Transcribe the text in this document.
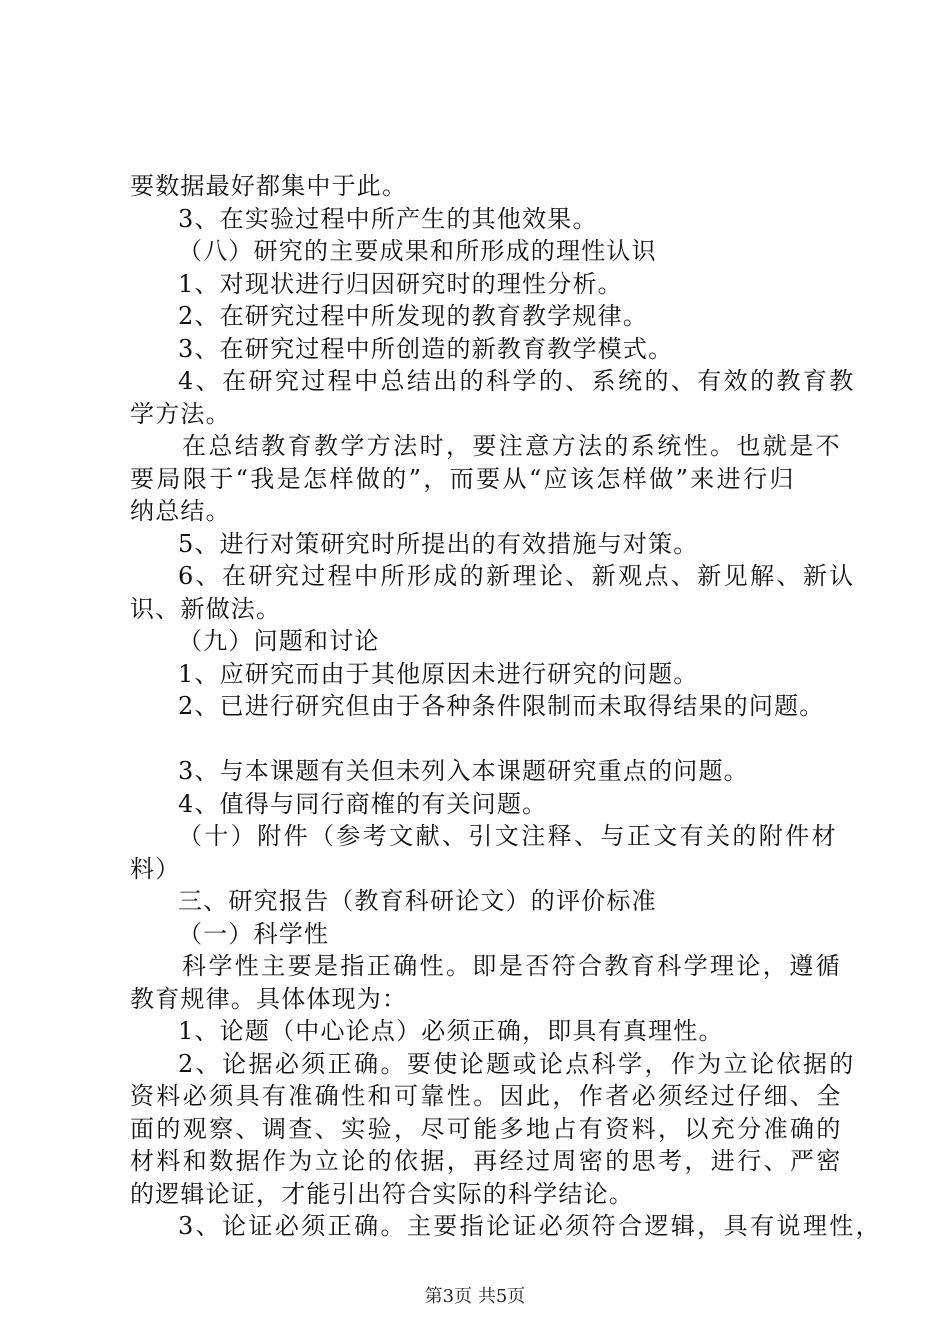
要数据最好都集中于此。
3、在实验过程中所产生的其他效果。
（八）研究的主要成果和所形成的理性认识
1、对现状进行归因研究时的理性分析。
2、在研究过程中所发现的教育教学规律。
3、在研究过程中所创造的新教育教学模式。
4、在研究过程中总结出的科学的、系统的、有效的教育教
学方法。
在总结教育教学方法时，要注意方法的系统性。也就是不
要局限于“我是怎样做的”，而要从“应该怎样做”来进行归
纳总结。
5、进行对策研究时所提出的有效措施与对策。
6、在研究过程中所形成的新理论、新观点、新见解、新认
识、新做法。
（九）问题和讨论
1、应研究而由于其他原因未进行研究的问题。
2、已进行研究但由于各种条件限制而未取得结果的问题。
3、与本课题有关但未列入本课题研究重点的问题。
4、值得与同行商榷的有关问题。
（十）附件（参考文献、引文注释、与正文有关的附件材
料）
三、研究报告（教育科研论文）的评价标准
（一）科学性
科学性主要是指正确性。即是否符合教育科学理论，遵循
教育规律。具体体现为：
1、论题（中心论点）必须正确，即具有真理性。
2、论据必须正确。要使论题或论点科学，作为立论依据的
资料必须具有准确性和可靠性。因此，作者必须经过仔细、全
面的观察、调查、实验，尽可能多地占有资料，以充分准确的
材料和数据作为立论的依据，再经过周密的思考，进行、严密
的逻辑论证，才能引出符合实际的科学结论。
3、论证必须正确。主要指论证必须符合逻辑，具有说理性，
第3页 共5页
